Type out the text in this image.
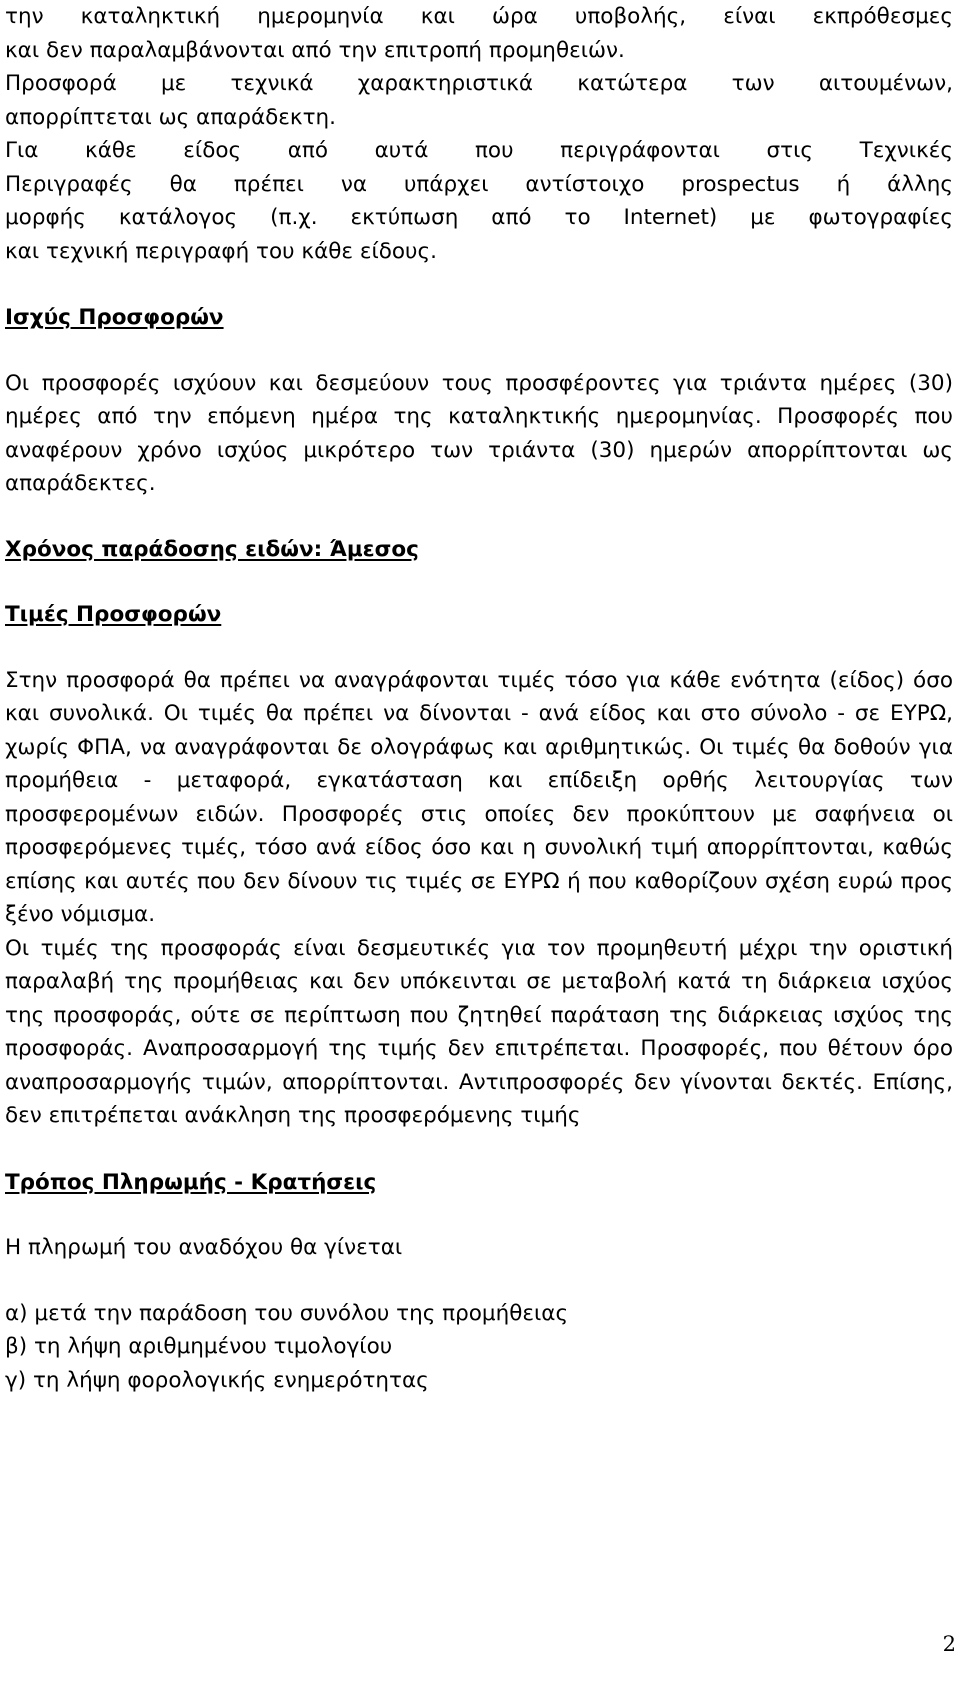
την καταληκτική ημερομηνία και ώρα υποβολής, είναι εκπρόθεσμες
και δεν παραλαμβάνονται από την επιτροπή προμηθειών.
Προσφορά με τεχνικά χαρακτηριστικά κατώτερα των αιτουμένων,
απορρίπτεται ως απαράδεκτη.
Για κάθε είδος από αυτά που περιγράφονται στις Τεχνικές
Περιγραφές θα πρέπει να υπάρχει αντίστοιχο prospectus ή άλλης
μορφής κατάλογος (π.χ. εκτύπωση από το Internet) με φωτογραφίες
και τεχνική περιγραφή του κάθε είδους.

Ισχύς Προσφορών

Οι προσφορές ισχύουν και δεσμεύουν τους προσφέροντες για τριάντα ημέρες (30) ημέρες από την επόμενη ημέρα της καταληκτικής ημερομηνίας. Προσφορές που αναφέρουν χρόνο ισχύος μικρότερο των τριάντα (30) ημερών απορρίπτονται ως απαράδεκτες.

Χρόνος παράδοσης ειδών: Άμεσος

Τιμές Προσφορών

Στην προσφορά θα πρέπει να αναγράφονται τιμές τόσο για κάθε ενότητα (είδος) όσο και συνολικά. Οι τιμές θα πρέπει να δίνονται - ανά είδος και στο σύνολο - σε ΕΥΡΩ, χωρίς ΦΠΑ, να αναγράφονται δε ολογράφως και αριθμητικώς. Οι τιμές θα δοθούν για προμήθεια - μεταφορά, εγκατάσταση και επίδειξη ορθής λειτουργίας των προσφερομένων ειδών. Προσφορές στις οποίες δεν προκύπτουν με σαφήνεια οι προσφερόμενες τιμές, τόσο ανά είδος όσο και η συνολική τιμή απορρίπτονται, καθώς επίσης και αυτές που δεν δίνουν τις τιμές σε ΕΥΡΩ ή που καθορίζουν σχέση ευρώ προς ξένο νόμισμα.

Οι τιμές της προσφοράς είναι δεσμευτικές για τον προμηθευτή μέχρι την οριστική παραλαβή της προμήθειας και δεν υπόκεινται σε μεταβολή κατά τη διάρκεια ισχύος της προσφοράς, ούτε σε περίπτωση που ζητηθεί παράταση της διάρκειας ισχύος της προσφοράς. Αναπροσαρμογή της τιμής δεν επιτρέπεται. Προσφορές, που θέτουν όρο αναπροσαρμογής τιμών, απορρίπτονται. Αντιπροσφορές δεν γίνονται δεκτές. Επίσης, δεν επιτρέπεται ανάκληση της προσφερόμενης τιμής

Τρόπος Πληρωμής - Κρατήσεις

Η πληρωμή του αναδόχου θα γίνεται

α) μετά την παράδοση του συνόλου της προμήθειας
β) τη λήψη αριθμημένου τιμολογίου
γ) τη λήψη φορολογικής ενημερότητας
2
